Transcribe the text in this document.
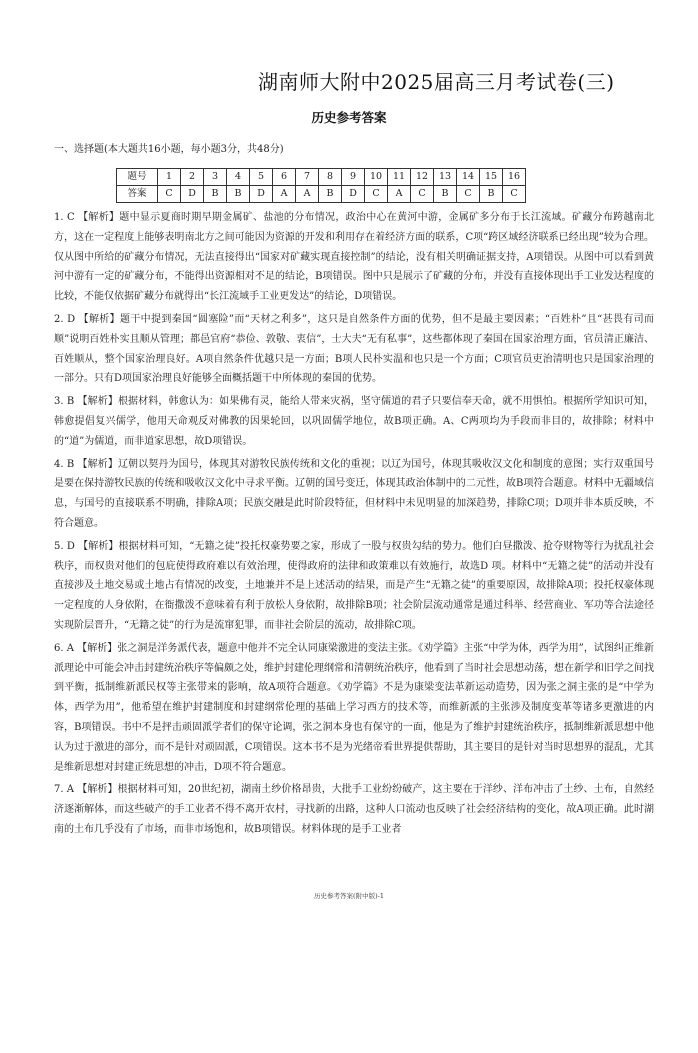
湖南师大附中2025届高三月考试卷(三)
历史参考答案
一、选择题(本大题共16小题，每小题3分，共48分)
题号	1	2	3	4	5	6	7	8	9	10	11	12	13	14	15	16
答案	C	D	B	B	D	A	A	B	D	C	A	C	B	C	B	C

1. C 【解析】题中显示夏商时期早期金属矿、盐池的分布情况，政治中心在黄河中游，金属矿多分布于长江流域。矿藏分布跨越南北方，这在一定程度上能够表明南北方之间可能因为资源的开发和利用存在着经济方面的联系，C项“跨区域经济联系已经出现”较为合理。仅从图中所给的矿藏分布情况，无法直接得出“国家对矿藏实现直接控制”的结论，没有相关明确证据支持，A项错误。从图中可以看到黄河中游有一定的矿藏分布，不能得出资源相对不足的结论，B项错误。图中只是展示了矿藏的分布，并没有直接体现出手工业发达程度的比较，不能仅依据矿藏分布就得出“长江流域手工业更发达”的结论，D项错误。

2. D 【解析】题干中提到秦国“圆塞险”而“天材之利多”，这只是自然条件方面的优势，但不是最主要因素；“百姓朴”且“甚畏有司而顺”说明百姓朴实且顺从管理；都邑官府“恭俭、敦敬、衷信”，士大夫“无有私事”，这些都体现了秦国在国家治理方面，官员清正廉洁、百姓顺从，整个国家治理良好。A项自然条件优越只是一方面；B项人民朴实温和也只是一个方面；C项官员吏治清明也只是国家治理的一部分。只有D项国家治理良好能够全面概括题干中所体现的秦国的优势。

3. B 【解析】根据材料，韩愈认为：如果佛有灵，能给人带来灾祸，坚守儒道的君子只要信奉天命，就不用惧怕。根据所学知识可知，韩愈提倡复兴儒学，他用天命观反对佛教的因果轮回，以巩固儒学地位，故B项正确。A、C两项均为手段而非目的，故排除；材料中的“道”为儒道，而非道家思想，故D项错误。

4. B 【解析】辽朝以契丹为国号，体现其对游牧民族传统和文化的重视；以辽为国号，体现其吸收汉文化和制度的意图；实行双重国号是要在保持游牧民族的传统和吸收汉文化中寻求平衡。辽朝的国号变迁，体现其政治体制中的二元性，故B项符合题意。材料中无疆域信息，与国号的直接联系不明确，排除A项；民族交融是此时阶段特征，但材料中未见明显的加深趋势，排除C项；D项并非本质反映，不符合题意。

5. D 【解析】根据材料可知，“无籍之徒”投托权豪势要之家，形成了一股与权贵勾结的势力。他们白昼撒泼、抢夺财物等行为扰乱社会秩序，而权贵对他们的包庇使得政府难以有效治理，使得政府的法律和政策难以有效施行，故选D 项。材料中“无籍之徒”的活动并没有直接涉及土地交易或土地占有情况的改变，土地兼并不是上述活动的结果，而是产生“无籍之徒”的重要原因，故排除A项；投托权豪体现一定程度的人身依附，在衙撒泼不意味着有利于放松人身依附，故排除B项；社会阶层流动通常是通过科举、经营商业、军功等合法途径实现阶层晋升，“无籍之徒”的行为是流窜犯罪，而非社会阶层的流动，故排除C项。

6. A 【解析】张之洞是洋务派代表，题意中他并不完全认同康梁激进的变法主张。《劝学篇》主张“中学为体，西学为用”，试图纠正维新派理论中可能会冲击封建统治秩序等偏颇之处，维护封建伦理纲常和清朝统治秩序，他看到了当时社会思想动荡，想在新学和旧学之间找到平衡，抵制维新派民权等主张带来的影响，故A项符合题意。《劝学篇》不是为康梁变法革新运动造势，因为张之洞主张的是“中学为体，西学为用”，他希望在维护封建制度和封建纲常伦理的基础上学习西方的技术等，而维新派的主张涉及制度变革等诸多更激进的内容，B项错误。书中不是抨击顽固派学者们的保守论调，张之洞本身也有保守的一面，他是为了维护封建统治秩序，抵制维新派思想中他认为过于激进的部分，而不是针对顽固派，C项错误。这本书不是为光绪帝看世界提供帮助，其主要目的是针对当时思想界的混乱，尤其是维新思想对封建正统思想的冲击，D项不符合题意。

7. A 【解析】根据材料可知，20世纪初，湖南土纱价格昂贵，大批手工业纷纷破产，这主要在于洋纱、洋布冲击了土纱、土布，自然经济逐渐解体，而这些破产的手工业者不得不离开农村，寻找新的出路，这种人口流动也反映了社会经济结构的变化，故A项正确。此时湖南的土布几乎没有了市场，而非市场饱和，故B项错误。材料体现的是手工业者

历史参考答案(附中版)-1
